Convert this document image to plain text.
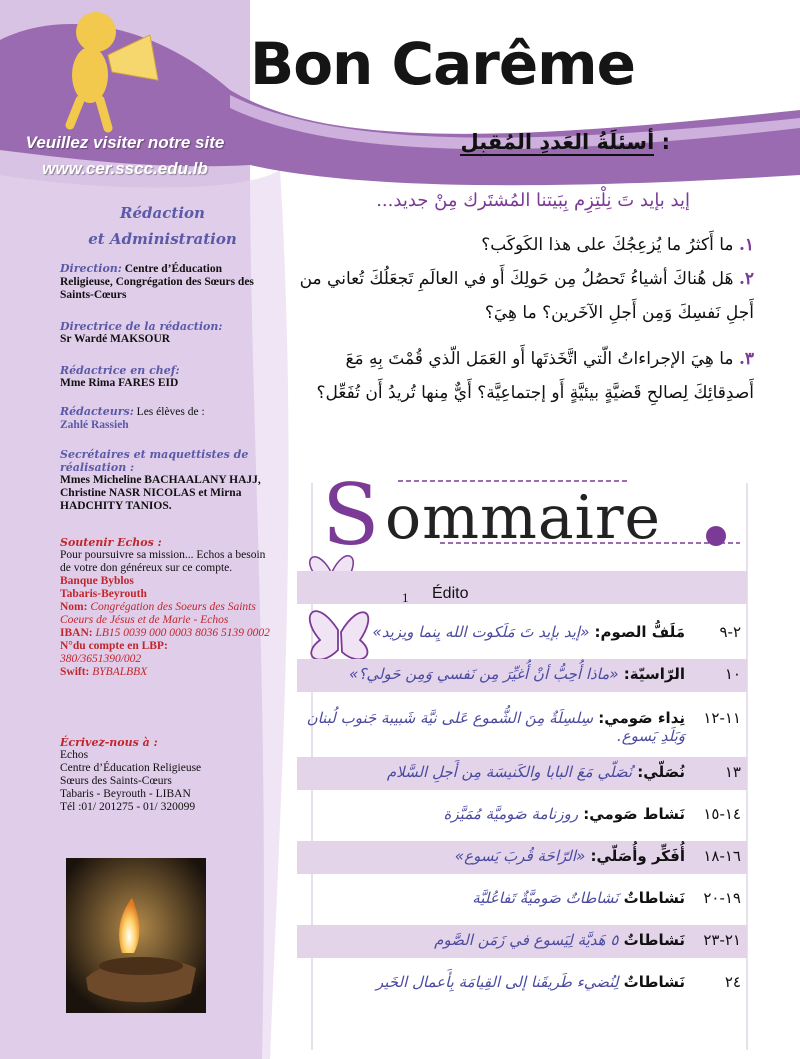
Bon Carême
Veuillez visiter notre site
www.cer.sscc.edu.lb
Rédaction
et Administration
Direction: Centre d’Éducation Religieuse, Congrégation des Sœurs des Saints-Cœurs
Directrice de la rédaction:
Sr Wardé MAKSOUR
Rédactrice en chef:
Mme Rima FARES EID
Rédacteurs: Les élèves de :
Zahlé Rassieh
Secrétaires et maquettistes de réalisation :
Mmes Micheline BACHAALANY HAJJ, Christine NASR NICOLAS et Mirna HADCHITY TANIOS.
Soutenir Echos :
Pour poursuivre sa mission... Echos a besoin de votre don généreux sur ce compte.
Banque Byblos
Tabaris-Beyrouth
Nom: Congrégation des Soeurs des Saints Coeurs de Jésus et de Marie - Echos
IBAN: LB15 0039 000 0003 8036 5139 0002
N°du compte en LBP:
380/3651390/002
Swift: BYBALBBX
Écrivez-nous à :
Echos
Centre d’Éducation Religieuse
Sœurs des Saints-Cœurs
Tabaris - Beyrouth - LIBAN
Tél :01/ 201275 - 01/ 320099
: أسئلَةُ العَددِ المُقبِل
إيد بإيد تَ نِلْتِزِم بِبَيتنا المُشتَرك مِنْ جديد...
١. ما أَكثرُ ما يُزعِجُكَ على هذا الكَوكَب؟
٢. هَل هُناكَ أشياءُ تَحصُلُ مِن حَولِكَ أَو في العالَمِ تَجعَلُكَ تُعاني من أَجلِ نَفسِكَ وَمِن أَجلِ الآخَرين؟ ما هِيَ؟
٣. ما هِيَ الإجراءاتُ الّتي اتَّخَذتَها أَو العَمَل الّذي قُمْتَ بِهِ مَعَ أَصدِقائِكَ لِصالحِ قَضيَّةٍ بيئيَّةٍ أَو إجتماعِيَّة؟ أَيٌّ مِنها تُريدُ أَن تُفَعِّل؟
S ommaire
1 Édito
٢-٩
مَلَفُّ الصوم: «إيد بإيد تَ مَلَكوت الله يِنما ويزيد»
١٠
الرّاسيّة: «ماذا أُحِبُّ أنْ أُغيِّرَ مِن نَفسي وَمِن حَولي؟»
١١-١٢
نِداء صَومي: سِلسِلَةٌ مِنَ الشُّموع عَلى نيَّة شَبيبة جَنوب لُبنان وَبَلَدِ يَسوع.
١٣
نُصَلّي: نُصَلّي مَعَ البابا والكَنيسَة مِن أَجلِ السَّلام
١٤-١٥
نَشاط صَومي: روزنامة صَوميَّة مُمَيَّزة
١٦-١٨
أُفَكِّر وأُصَلّي: «الرّاحَة قُربَ يَسوع»
١٩-٢٠
نَشاطاتٌ نَشاطاتٌ صَوميَّةٌ تَفاعُليَّة
٢١-٢٣
نَشاطاتٌ ٥ هَديَّة لِيَسوع في زَمَن الصَّوم
٢٤
نَشاطاتٌ لِنُضيء طَريقَنا إلى القِيامَة بِأَعمال الخَير
